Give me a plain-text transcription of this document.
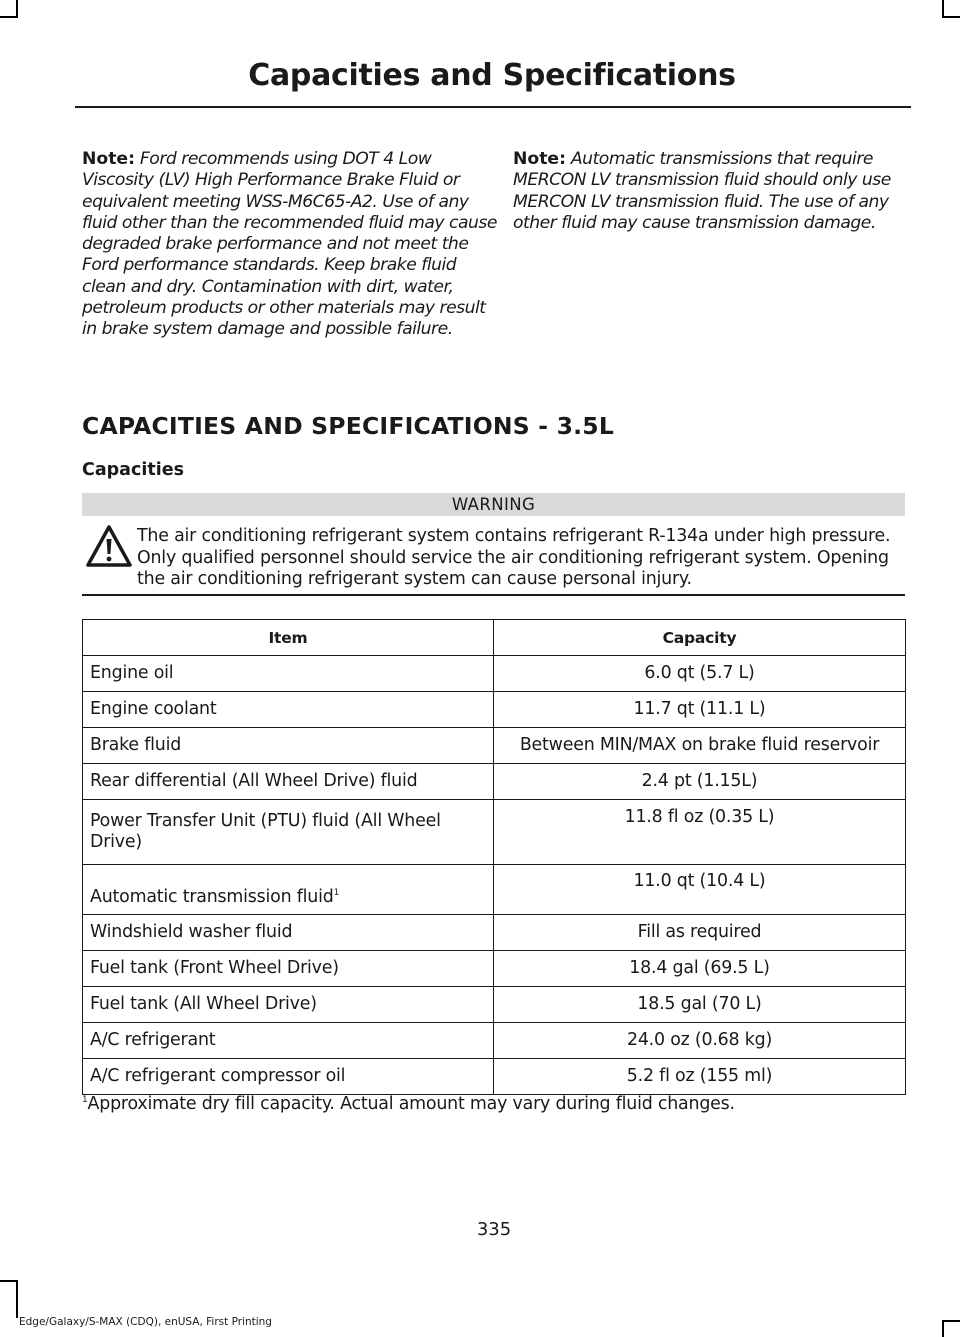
Capacities and Specifications
Note: Ford recommends using DOT 4 Low Viscosity (LV) High Performance Brake Fluid or equivalent meeting WSS-M6C65-A2. Use of any fluid other than the recommended fluid may cause degraded brake performance and not meet the Ford performance standards. Keep brake fluid clean and dry. Contamination with dirt, water, petroleum products or other materials may result in brake system damage and possible failure.
Note: Automatic transmissions that require MERCON LV transmission fluid should only use MERCON LV transmission fluid. The use of any other fluid may cause transmission damage.
CAPACITIES AND SPECIFICATIONS - 3.5L
Capacities
WARNING
The air conditioning refrigerant system contains refrigerant R-134a under high pressure. Only qualified personnel should service the air conditioning refrigerant system. Opening the air conditioning refrigerant system can cause personal injury.
Item	Capacity
Engine oil	6.0 qt (5.7 L)
Engine coolant	11.7 qt (11.1 L)
Brake fluid	Between MIN/MAX on brake fluid reservoir
Rear differential (All Wheel Drive) fluid	2.4 pt (1.15L)
Power Transfer Unit (PTU) fluid (All Wheel Drive)	11.8 fl oz (0.35 L)
Automatic transmission fluid$^1$	11.0 qt (10.4 L)
Windshield washer fluid	Fill as required
Fuel tank (Front Wheel Drive)	18.4 gal (69.5 L)
Fuel tank (All Wheel Drive)	18.5 gal (70 L)
A/C refrigerant	24.0 oz (0.68 kg)
A/C refrigerant compressor oil	5.2 fl oz (155 ml)
$^1$Approximate dry fill capacity. Actual amount may vary during fluid changes.
335
Edge/Galaxy/S-MAX (CDQ), enUSA, First Printing
